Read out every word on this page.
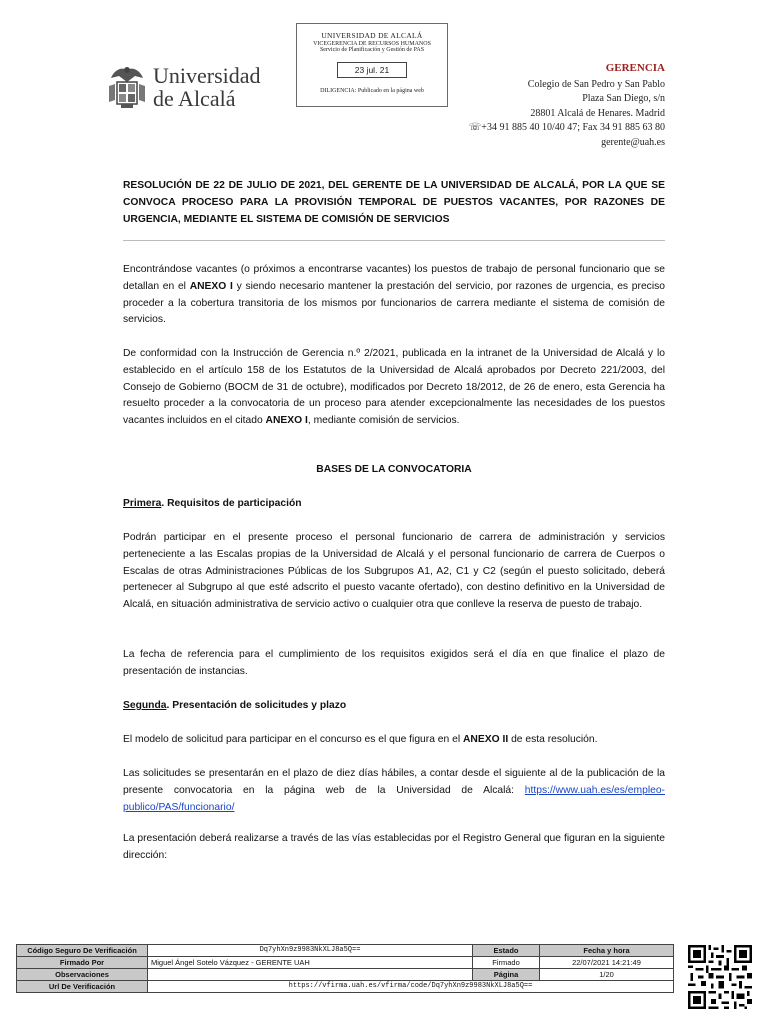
Universidad
de Alcalá
UNIVERSIDAD DE ALCALÁ
VICEGERENCIA DE RECURSOS HUMANOS
Servicio de Planificación y Gestión de PAS
23 jul. 21
DILIGENCIA: Publicado en la página web
GERENCIA
Colegio de San Pedro y San Pablo
Plaza San Diego, s/n
28801 Alcalá de Henares. Madrid
☏+34 91 885 40 10/40 47; Fax 34 91 885 63 80
gerente@uah.es
RESOLUCIÓN DE 22 DE JULIO DE 2021, DEL GERENTE DE LA UNIVERSIDAD DE ALCALÁ, POR LA QUE SE CONVOCA PROCESO PARA LA PROVISIÓN TEMPORAL DE PUESTOS VACANTES, POR RAZONES DE URGENCIA, MEDIANTE EL SISTEMA DE COMISIÓN DE SERVICIOS
Encontrándose vacantes (o próximos a encontrarse vacantes) los puestos de trabajo de personal funcionario que se detallan en el ANEXO I y siendo necesario mantener la prestación del servicio, por razones de urgencia, es preciso proceder a la cobertura transitoria de los mismos por funcionarios de carrera mediante el sistema de comisión de servicios.
De conformidad con la Instrucción de Gerencia n.º 2/2021, publicada en la intranet de la Universidad de Alcalá y lo establecido en el artículo 158 de los Estatutos de la Universidad de Alcalá aprobados por Decreto 221/2003, del Consejo de Gobierno (BOCM de 31 de octubre), modificados por Decreto 18/2012, de 26 de enero, esta Gerencia ha resuelto proceder a la convocatoria de un proceso para atender excepcionalmente las necesidades de los puestos vacantes incluidos en el citado ANEXO I, mediante comisión de servicios.
BASES DE LA CONVOCATORIA
Primera. Requisitos de participación
Podrán participar en el presente proceso el personal funcionario de carrera de administración y servicios perteneciente a las Escalas propias de la Universidad de Alcalá y el personal funcionario de carrera de Cuerpos o Escalas de otras Administraciones Públicas de los Subgrupos A1, A2, C1 y C2 (según el puesto solicitado, deberá pertenecer al Subgrupo al que esté adscrito el puesto vacante ofertado), con destino definitivo en la Universidad de Alcalá, en situación administrativa de servicio activo o cualquier otra que conlleve la reserva de puesto de trabajo.
La fecha de referencia para el cumplimiento de los requisitos exigidos será el día en que finalice el plazo de presentación de instancias.
Segunda. Presentación de solicitudes y plazo
El modelo de solicitud para participar en el concurso es el que figura en el ANEXO II de esta resolución.
Las solicitudes se presentarán en el plazo de diez días hábiles, a contar desde el siguiente al de la publicación de la presente convocatoria en la página web de la Universidad de Alcalá: https://www.uah.es/es/empleo-publico/PAS/funcionario/
La presentación deberá realizarse a través de las vías establecidas por el Registro General que figuran en la siguiente dirección:
Código Seguro De Verificación	Dq7yhXn9z9983NkXLJ8a5Q==	Estado	Fecha y hora
Firmado Por	Miguel Ángel Sotelo Vázquez - GERENTE UAH	Firmado	22/07/2021 14:21:49
Observaciones		Página	1/20
Url De Verificación	https://vfirma.uah.es/vfirma/code/Dq7yhXn9z9983NkXLJ8a5Q==		
